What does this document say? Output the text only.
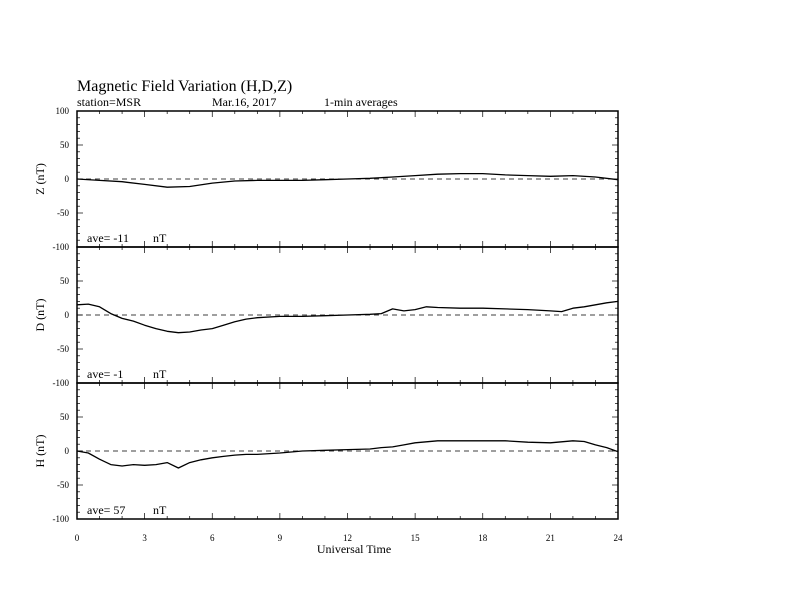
Magnetic Field Variation (H,D,Z)
station=MSR	Mar.16, 2017	1-min averages
100
50
0
-50
-100
Z (nT)
ave= -11 nT
50
0
-50
-100
D (nT)
ave= -1 nT
50
0
-50
-100
H (nT)
ave= 57 nT
0	3	6	9	12	15	18	21	24
Universal Time
